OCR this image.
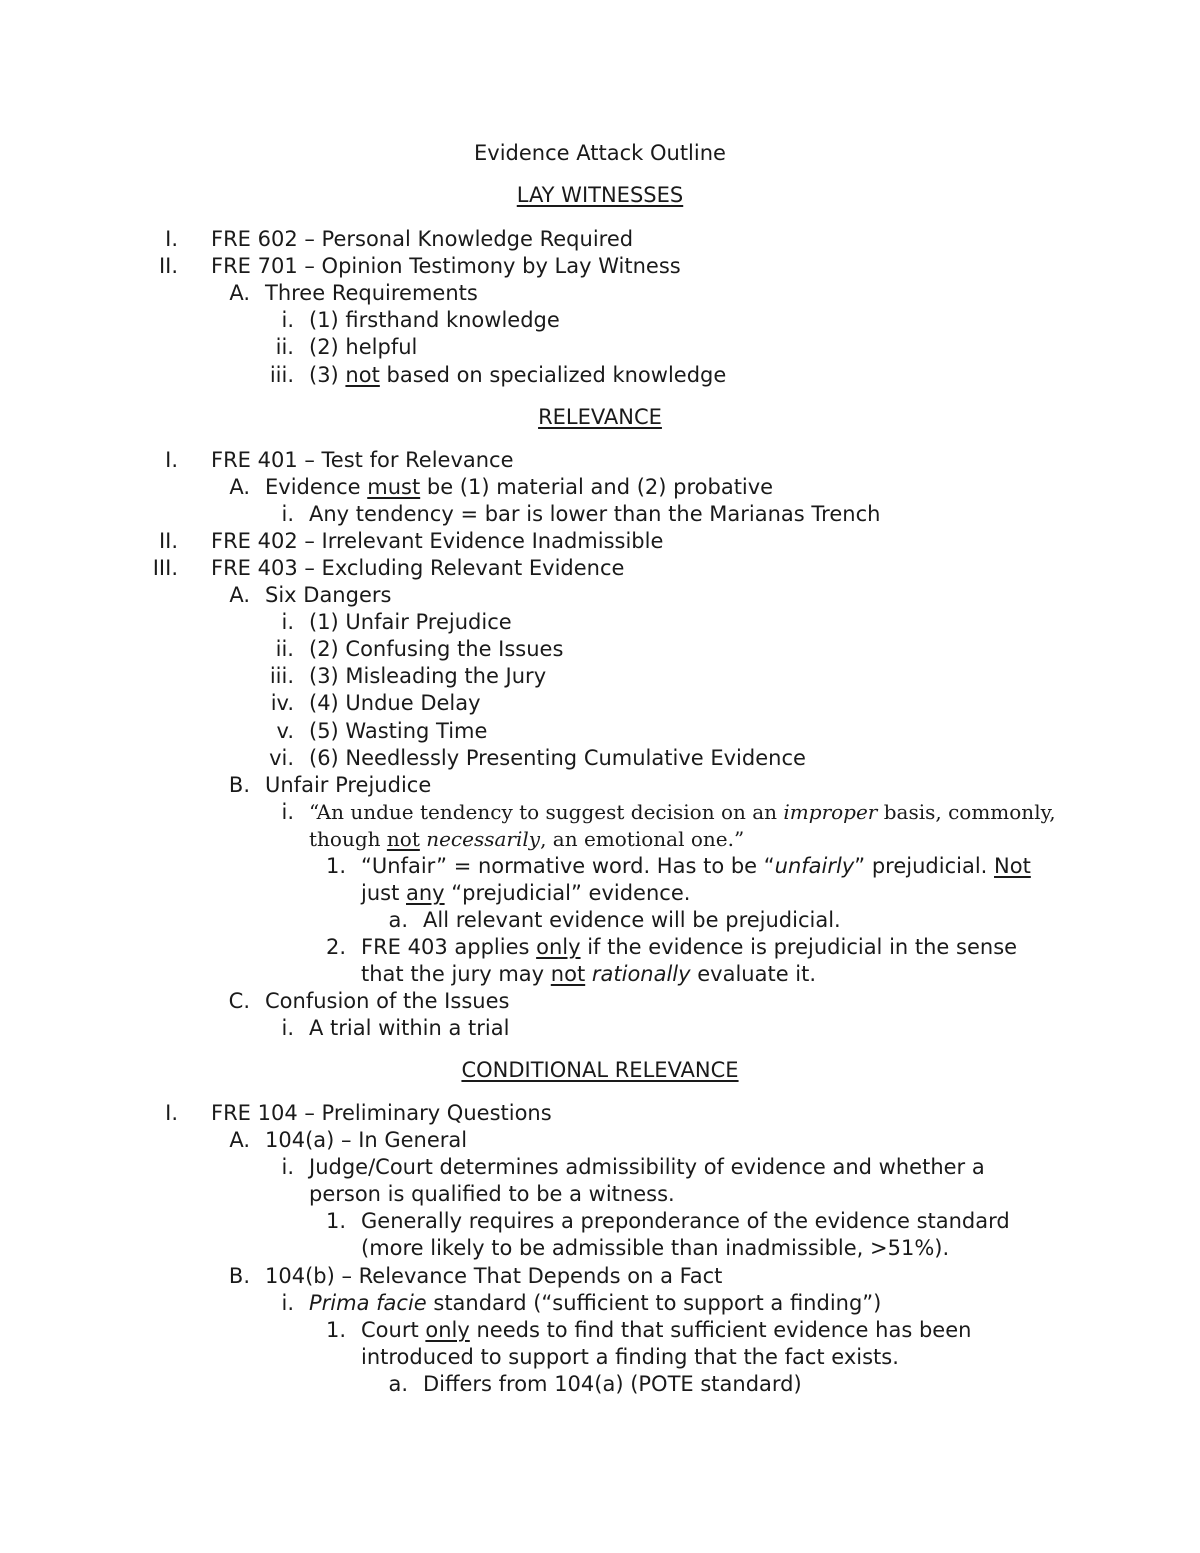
Evidence Attack Outline
LAY WITNESSES
I. FRE 602 – Personal Knowledge Required
II. FRE 701 – Opinion Testimony by Lay Witness
A. Three Requirements
i. (1) firsthand knowledge
ii. (2) helpful
iii. (3) not based on specialized knowledge
RELEVANCE
I. FRE 401 – Test for Relevance
A. Evidence must be (1) material and (2) probative
i. Any tendency = bar is lower than the Marianas Trench
II. FRE 402 – Irrelevant Evidence Inadmissible
III. FRE 403 – Excluding Relevant Evidence
A. Six Dangers
i. (1) Unfair Prejudice
ii. (2) Confusing the Issues
iii. (3) Misleading the Jury
iv. (4) Undue Delay
v. (5) Wasting Time
vi. (6) Needlessly Presenting Cumulative Evidence
B. Unfair Prejudice
i. “An undue tendency to suggest decision on an improper basis, commonly,
though not necessarily, an emotional one.”
1. “Unfair” = normative word. Has to be “unfairly” prejudicial. Not
just any “prejudicial” evidence.
a. All relevant evidence will be prejudicial.
2. FRE 403 applies only if the evidence is prejudicial in the sense
that the jury may not rationally evaluate it.
C. Confusion of the Issues
i. A trial within a trial
CONDITIONAL RELEVANCE
I. FRE 104 – Preliminary Questions
A. 104(a) – In General
i. Judge/Court determines admissibility of evidence and whether a
person is qualified to be a witness.
1. Generally requires a preponderance of the evidence standard
(more likely to be admissible than inadmissible, >51%).
B. 104(b) – Relevance That Depends on a Fact
i. Prima facie standard (“sufficient to support a finding”)
1. Court only needs to find that sufficient evidence has been
introduced to support a finding that the fact exists.
a. Differs from 104(a) (POTE standard)
